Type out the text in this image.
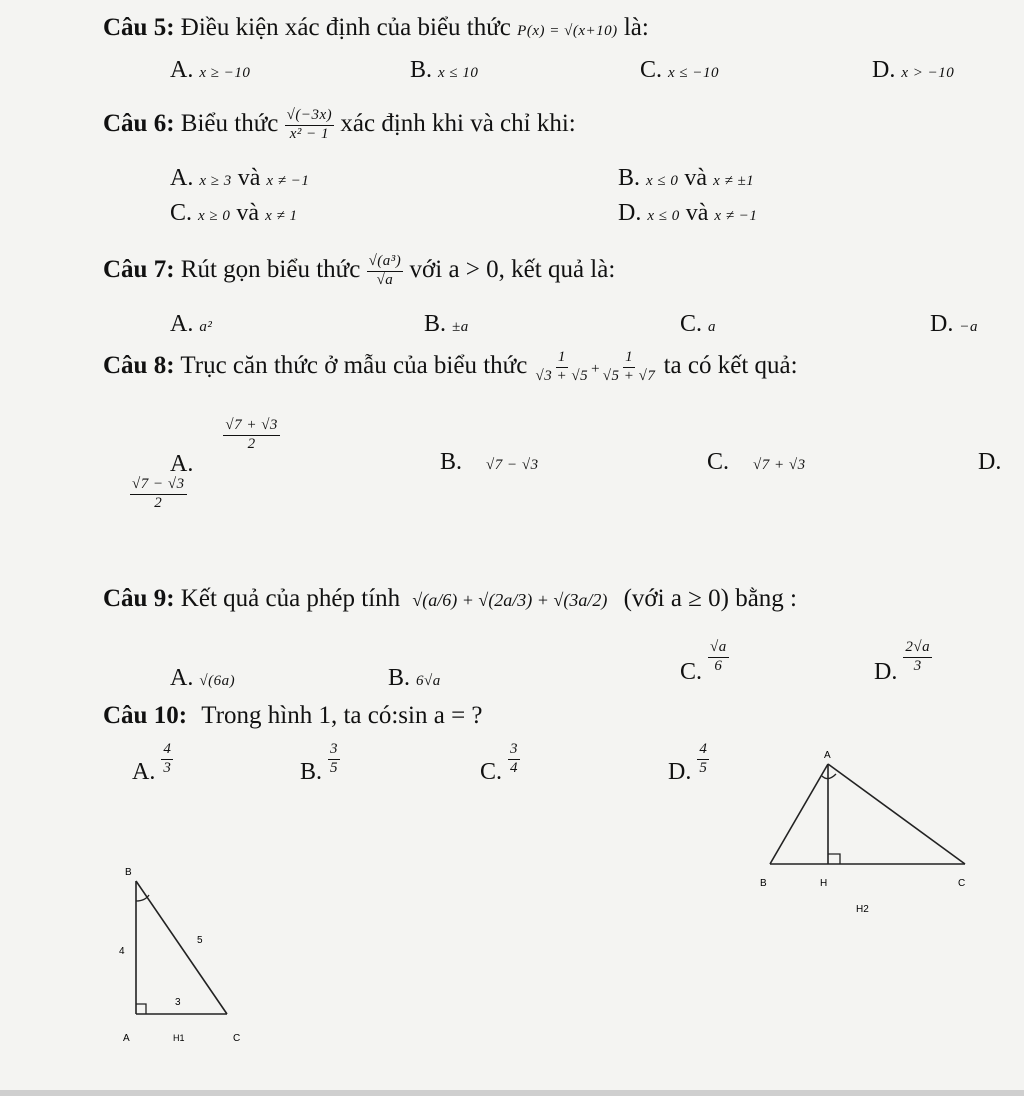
Câu 5: Điều kiện xác định của biểu thức P(x) = √(x+10) là:
A. x ≥ −10	B. x ≤ 10	C. x ≤ −10	D. x > −10
Câu 6: Biểu thức $\frac{√(-3x)}{\text{x² − 1}}$ xác định khi và chỉ khi:
A. x ≥ 3 và x ≠ −1	B. x ≤ 0 và x ≠ ±1
C. x ≥ 0 và x ≠ 1	D. x ≤ 0 và x ≠ −1
Câu 7: Rút gọn biểu thức $\frac{\text{√(a³)}}{√a}$ với a > 0, kết quả là:
A. a²	B. ±a	C. a	D. −a
Câu 8: Trục căn thức ở mẫu của biểu thức $\frac{1}{√3 + √5} + \frac{1}{√5 + √7}$ ta có kết quả:
A.
$\frac{√7 + √3}{2}$
B. √7 − √3	C. √7 + √3	D.
$\frac{√7 - √3}{2}$
Câu 9: Kết quả của phép tính √(a/6) + √(2a/3) + √(3a/2) (với a ≥ 0) bằng :
A. √(6a)	B. 6√a	C. $\frac{√a}{6}$	D. $\frac{2√a}{3}$
Câu 10: Trong hình 1, ta có:sin a = ?
A. $\frac{4}{3}$	B. $\frac{3}{5}$	C. $\frac{3}{4}$	D. $\frac{4}{5}$	A
B	H	C
H2
B
A	C
4
5
3
H1
